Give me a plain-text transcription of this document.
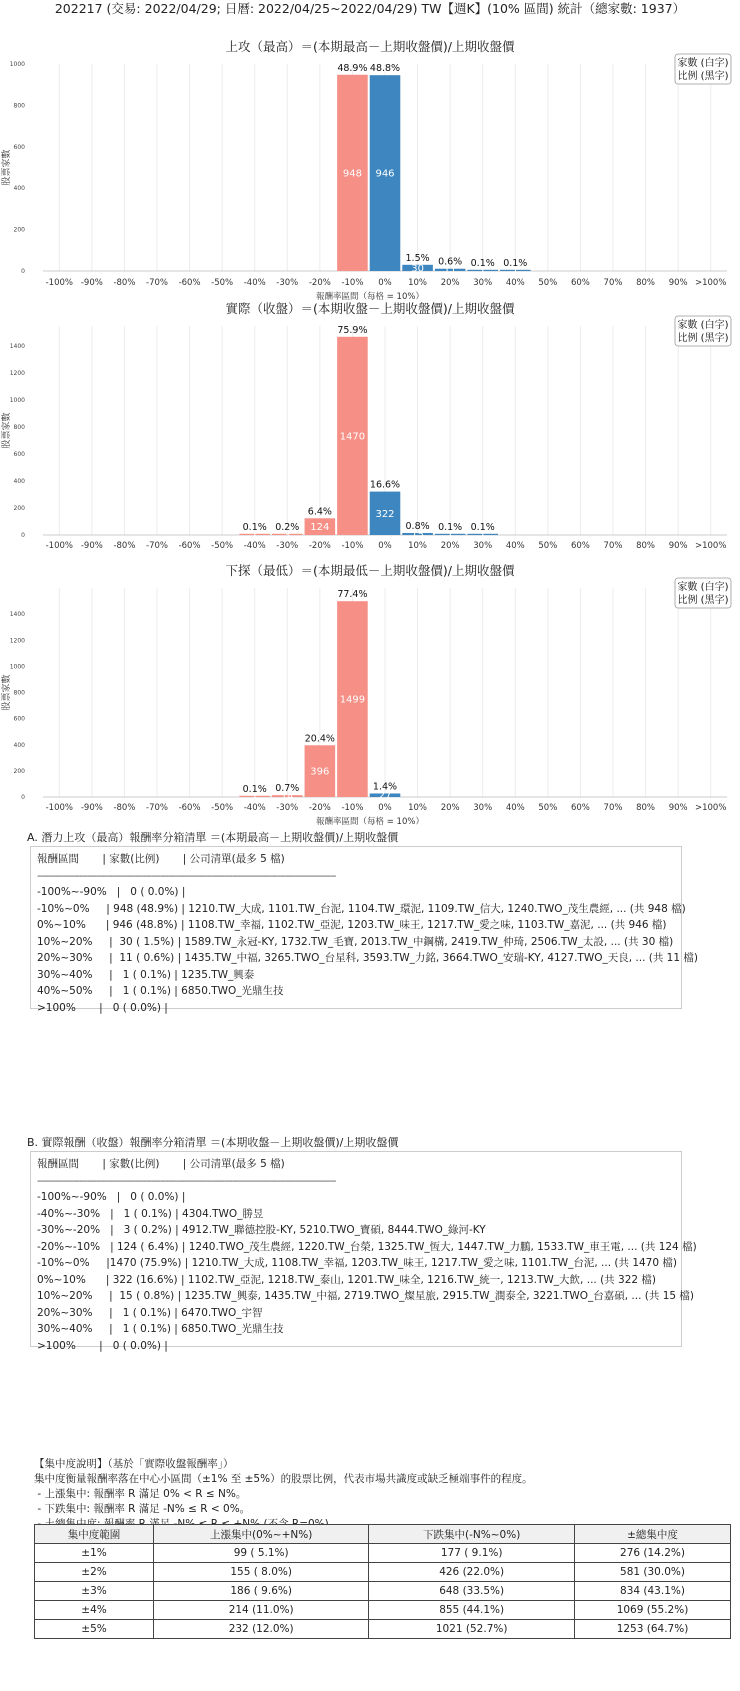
202217 (交易: 2022/04/29; 日曆: 2022/04/25~2022/04/29) TW【週K】(10% 區間) 統計（總家數: 1937）
上攻（最高）＝(本期最高－上期收盤價)/上期收盤價
0
200
400
600
800
1000
股票家數
-100% -90% -80% -70% -60% -50% -40% -30% -20% -10% 0% 10% 20% 30% 40% 50% 60% 70% 80% 90% >100%
報酬率區間（每格 = 10%）
948
48.9%
946
48.8%
30
1.5%
11
0.6%
1
0.1%
1
0.1%
家數 (白字)
比例 (黑字)
實際（收盤）＝(本期收盤－上期收盤價)/上期收盤價
0
200
400
600
800
1000
1200
1400
股票家數
-100% -90% -80% -70% -60% -50% -40% -30% -20% -10% 0% 10% 20% 30% 40% 50% 60% 70% 80% 90% >100%
1
0.1%
3
0.2% 124
6.4%
1470
75.9%
322
16.6%
15
0.8%
1
0.1%
1
0.1%
家數 (白字)
比例 (黑字)
下探（最低）＝(本期最低－上期收盤價)/上期收盤價
0
200
400
600
800
1000
1200
1400
股票家數
-100% -90% -80% -70% -60% -50% -40% -30% -20% -10% 0% 10% 20% 30% 40% 50% 60% 70% 80% 90% >100%
報酬率區間（每格 = 10%）
1
0.1%
14
0.7%
396
20.4%
1499
77.4%
27
1.4%
家數 (白字)
比例 (黑字)
A. 潛力上攻（最高）報酬率分箱清單 ＝(本期最高－上期收盤價)/上期收盤價
報酬區間       | 家數(比例)       | 公司清單(最多 5 檔)
-----------------------------------------------------------------------------------------------------------
-100%~-90%   |   0 ( 0.0%) |
-10%~0%     | 948 (48.9%) | 1210.TW_大成, 1101.TW_台泥, 1104.TW_環泥, 1109.TW_信大, 1240.TWO_茂生農經, ... (共 948 檔)
0%~10%      | 946 (48.8%) | 1108.TW_幸福, 1102.TW_亞泥, 1203.TW_味王, 1217.TW_愛之味, 1103.TW_嘉泥, ... (共 946 檔)
10%~20%     |  30 ( 1.5%) | 1589.TW_永冠-KY, 1732.TW_毛寶, 2013.TW_中鋼構, 2419.TW_仲琦, 2506.TW_太設, ... (共 30 檔)
20%~30%     |  11 ( 0.6%) | 1435.TW_中福, 3265.TWO_台星科, 3593.TW_力銘, 3664.TWO_安瑞-KY, 4127.TWO_天良, ... (共 11 檔)
30%~40%     |   1 ( 0.1%) | 1235.TW_興泰
40%~50%     |   1 ( 0.1%) | 6850.TWO_光鼎生技
>100%       |   0 ( 0.0%) |
B. 實際報酬（收盤）報酬率分箱清單 ＝(本期收盤－上期收盤價)/上期收盤價
報酬區間       | 家數(比例)       | 公司清單(最多 5 檔)
-----------------------------------------------------------------------------------------------------------
-100%~-90%   |   0 ( 0.0%) |
-40%~-30%   |   1 ( 0.1%) | 4304.TWO_勝昱
-30%~-20%   |   3 ( 0.2%) | 4912.TW_聯德控股-KY, 5210.TWO_寶碩, 8444.TWO_綠河-KY
-20%~-10%   | 124 ( 6.4%) | 1240.TWO_茂生農經, 1220.TW_台榮, 1325.TW_恆大, 1447.TW_力鵬, 1533.TW_車王電, ... (共 124 檔)
-10%~0%     |1470 (75.9%) | 1210.TW_大成, 1108.TW_幸福, 1203.TW_味王, 1217.TW_愛之味, 1101.TW_台泥, ... (共 1470 檔)
0%~10%      | 322 (16.6%) | 1102.TW_亞泥, 1218.TW_泰山, 1201.TW_味全, 1216.TW_統一, 1213.TW_大飲, ... (共 322 檔)
10%~20%     |  15 ( 0.8%) | 1235.TW_興泰, 1435.TW_中福, 2719.TWO_燦星旅, 2915.TW_潤泰全, 3221.TWO_台嘉碩, ... (共 15 檔)
20%~30%     |   1 ( 0.1%) | 6470.TWO_宇智
30%~40%     |   1 ( 0.1%) | 6850.TWO_光鼎生技
>100%       |   0 ( 0.0%) |
【集中度說明】（基於「實際收盤報酬率」）
集中度衡量報酬率落在中心小區間（±1% 至 ±5%）的股票比例，代表市場共識度或缺乏極端事件的程度。
- 上漲集中: 報酬率 R 滿足 0% < R ≤ N%。
- 下跌集中: 報酬率 R 滿足 -N% ≤ R < 0%。
集中度範圍	上漲集中(0%~+N%)	下跌集中(-N%~0%)	±總集中度
±1%	99 ( 5.1%)	177 ( 9.1%)	276 (14.2%)
±2%	155 ( 8.0%)	426 (22.0%)	581 (30.0%)
±3%	186 ( 9.6%)	648 (33.5%)	834 (43.1%)
±4%	214 (11.0%)	855 (44.1%)	1069 (55.2%)
±5%	232 (12.0%)	1021 (52.7%)	1253 (64.7%)
